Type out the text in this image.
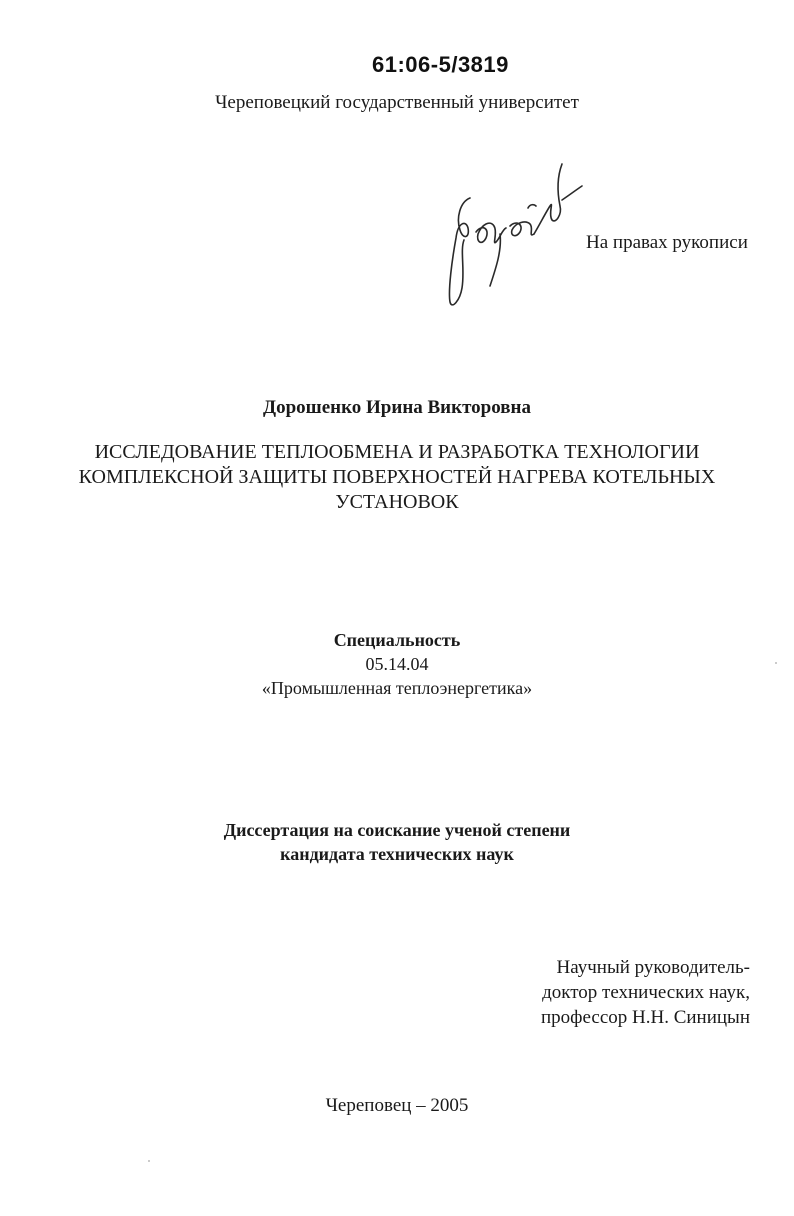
61:06-5/3819
Череповецкий государственный университет
На правах рукописи
Дорошенко Ирина Викторовна
ИССЛЕДОВАНИЕ ТЕПЛООБМЕНА И РАЗРАБОТКА ТЕХНОЛОГИИ
КОМПЛЕКСНОЙ ЗАЩИТЫ ПОВЕРХНОСТЕЙ НАГРЕВА КОТЕЛЬНЫХ
УСТАНОВОК
Специальность
05.14.04
«Промышленная теплоэнергетика»
Диссертация на соискание ученой степени
кандидата технических наук
Научный руководитель-
доктор технических наук,
профессор Н.Н. Синицын
Череповец – 2005
